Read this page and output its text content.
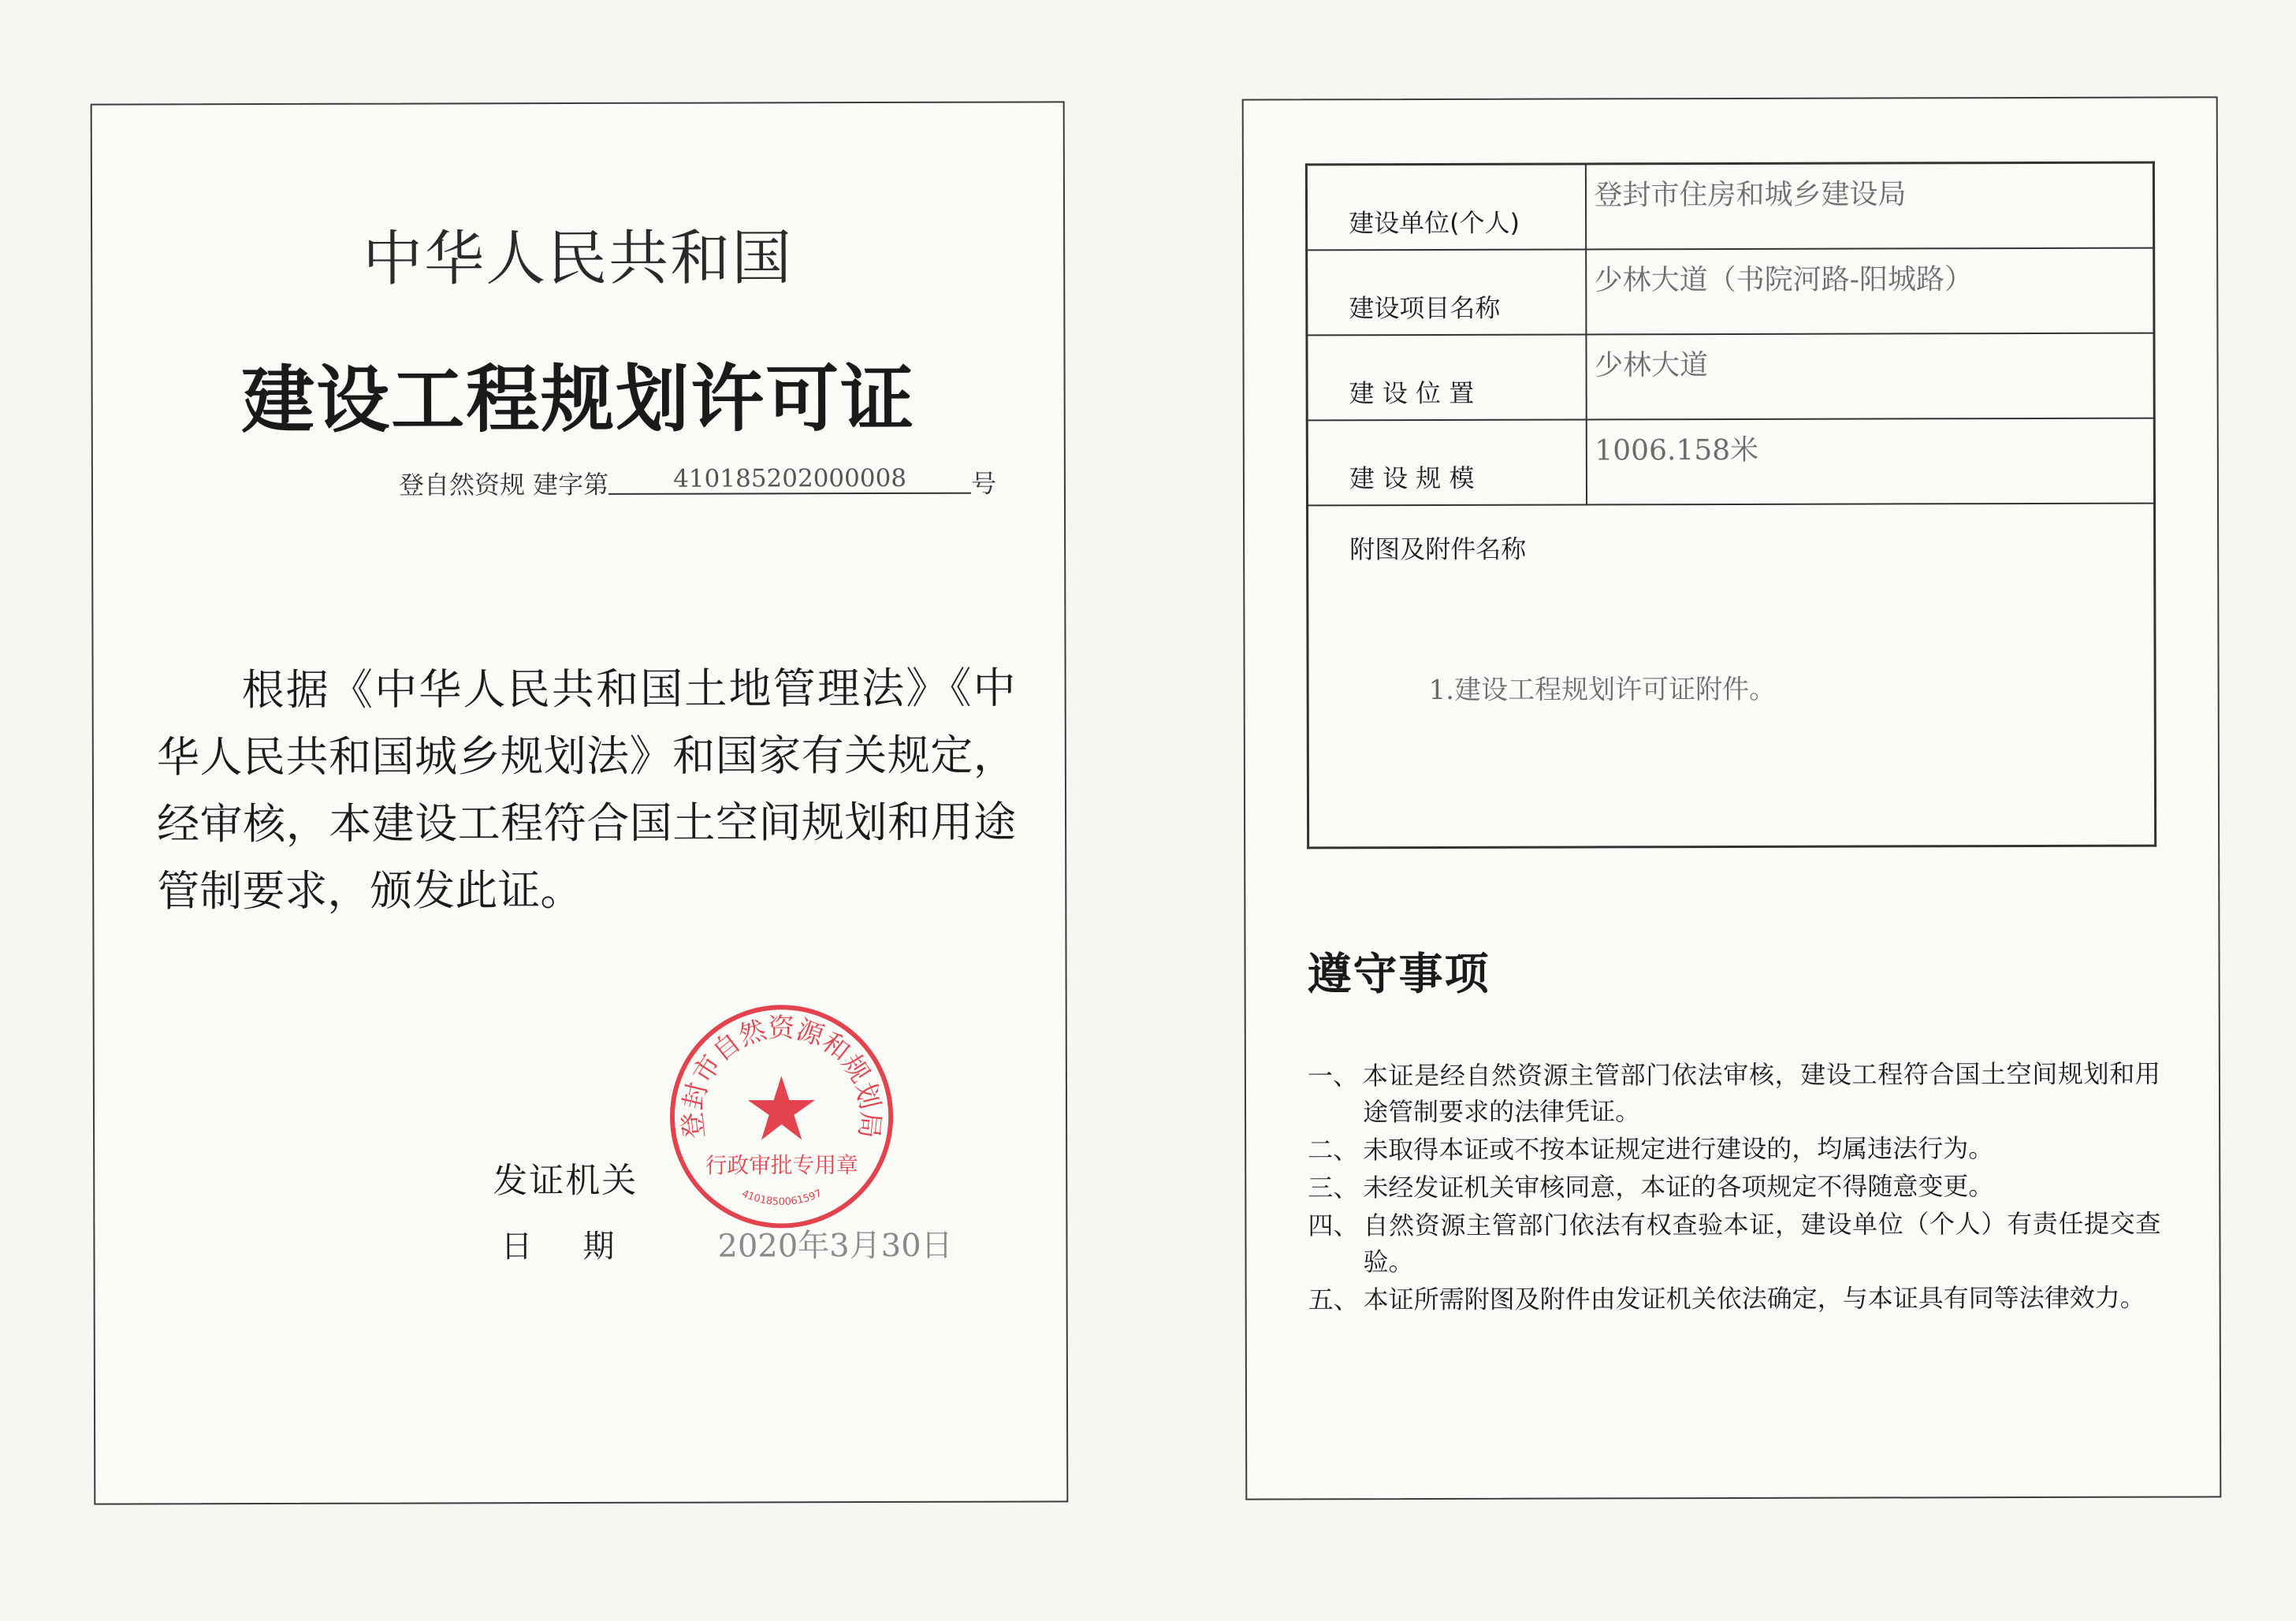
中华人民共和国
建设工程规划许可证
登自然资规 建字第	410185202000008	号
根据《中华人民共和国土地管理法》《中华人民共和国城乡规划法》和国家有关规定，经审核，本建设工程符合国土空间规划和用途管制要求，颁发此证。
发证机关
日期 2020年3月30日
登封市自然资源和规划局
行政审批专用章
4101850061597
建设单位(个人)	登封市住房和城乡建设局
建设项目名称	少林大道（书院河路-阳城路）
建 设 位 置	少林大道
建 设 规 模	1006.158米

附图及附件名称
1.建设工程规划许可证附件。	
遵守事项
一、 本证是经自然资源主管部门依法审核，建设工程符合国土空间规划和用途管制要求的法律凭证。
二、 未取得本证或不按本证规定进行建设的，均属违法行为。
三、 未经发证机关审核同意，本证的各项规定不得随意变更。
四、 自然资源主管部门依法有权查验本证，建设单位（个人）有责任提交查验。
五、 本证所需附图及附件由发证机关依法确定，与本证具有同等法律效力。
